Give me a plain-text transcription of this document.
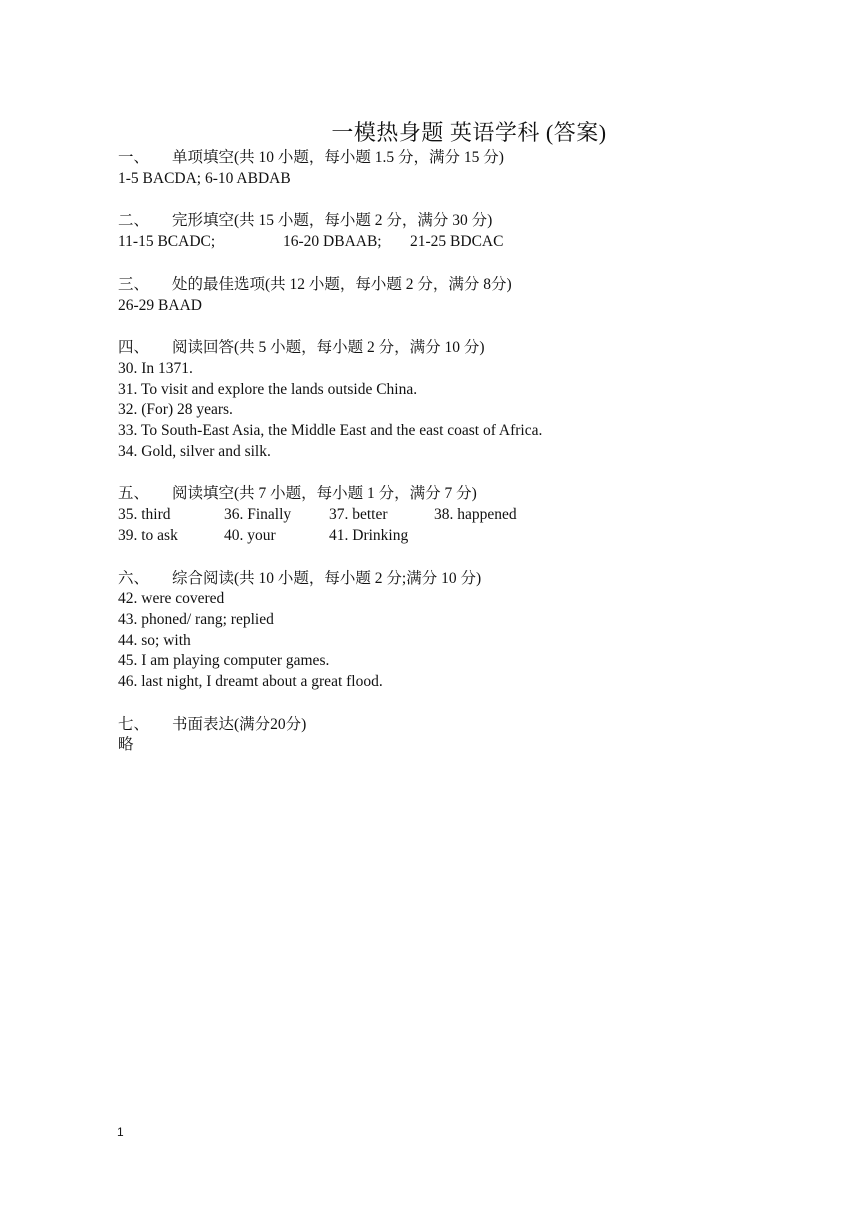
一模热身题 英语学科 (答案)
一、 单项填空(共 10 小题，每小题 1.5 分，满分 15 分)
1-5 BACDA; 6-10 ABDAB
二、 完形填空(共 15 小题，每小题 2 分，满分 30 分)
11-15 BCADC;	16-20 DBAAB;	21-25 BDCAC
三、 处的最佳选项(共 12 小题，每小题 2 分，满分 8分)
26-29 BAAD
四、 阅读回答(共 5 小题，每小题 2 分，满分 10 分)
30. In 1371.
31. To visit and explore the lands outside China.
32. (For) 28 years.
33. To South-East Asia, the Middle East and the east coast of Africa.
34. Gold, silver and silk.
五、 阅读填空(共 7 小题，每小题 1 分，满分 7 分)
35. third	36. Finally	37. better	38. happened
39. to ask	40. your	41. Drinking
六、 综合阅读(共 10 小题，每小题 2 分;满分 10 分)
42. were covered
43. phoned/ rang; replied
44. so; with
45. I am playing computer games.
46. last night, I dreamt about a great flood.
七、 书面表达(满分20分)
略
1
